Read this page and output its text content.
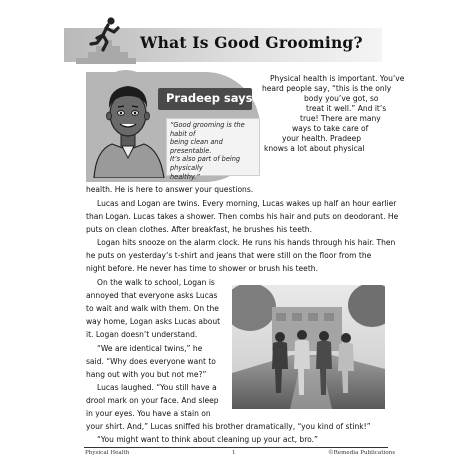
What Is Good Grooming?
Pradeep says:
“Good grooming is the habit of
being clean and presentable.
It’s also part of being physically
healthy.”
Physical health is important. You’ve
heard people say, “this is the only
body you’ve got, so
treat it well.” And it’s
true! There are many
ways to take care of
your health. Pradeep
knows a lot about physical
health. He is here to answer your questions.
Lucas and Logan are twins. Every morning, Lucas wakes up half an hour earlier
than Logan. Lucas takes a shower. Then combs his hair and puts on deodorant. He
puts on clean clothes. After breakfast, he brushes his teeth.
Logan hits snooze on the alarm clock. He runs his hands through his hair. Then
he puts on yesterday’s t-shirt and jeans that were still on the floor from the
night before. He never has time to shower or brush his teeth.
On the walk to school, Logan is
annoyed that everyone asks Lucas
to wait and walk with them. On the
way home, Logan asks Lucas about
it. Logan doesn’t understand.
“We are identical twins,” he
said. “Why does everyone want to
hang out with you but not me?”
Lucas laughed. “You still have a
drool mark on your face. And sleep
in your eyes. You have a stain on
your shirt. And,” Lucas sniffed his brother dramatically, “you kind of stink!”
“You might want to think about cleaning up your act, bro.”
Physical Health	1	©Remedia Publications
